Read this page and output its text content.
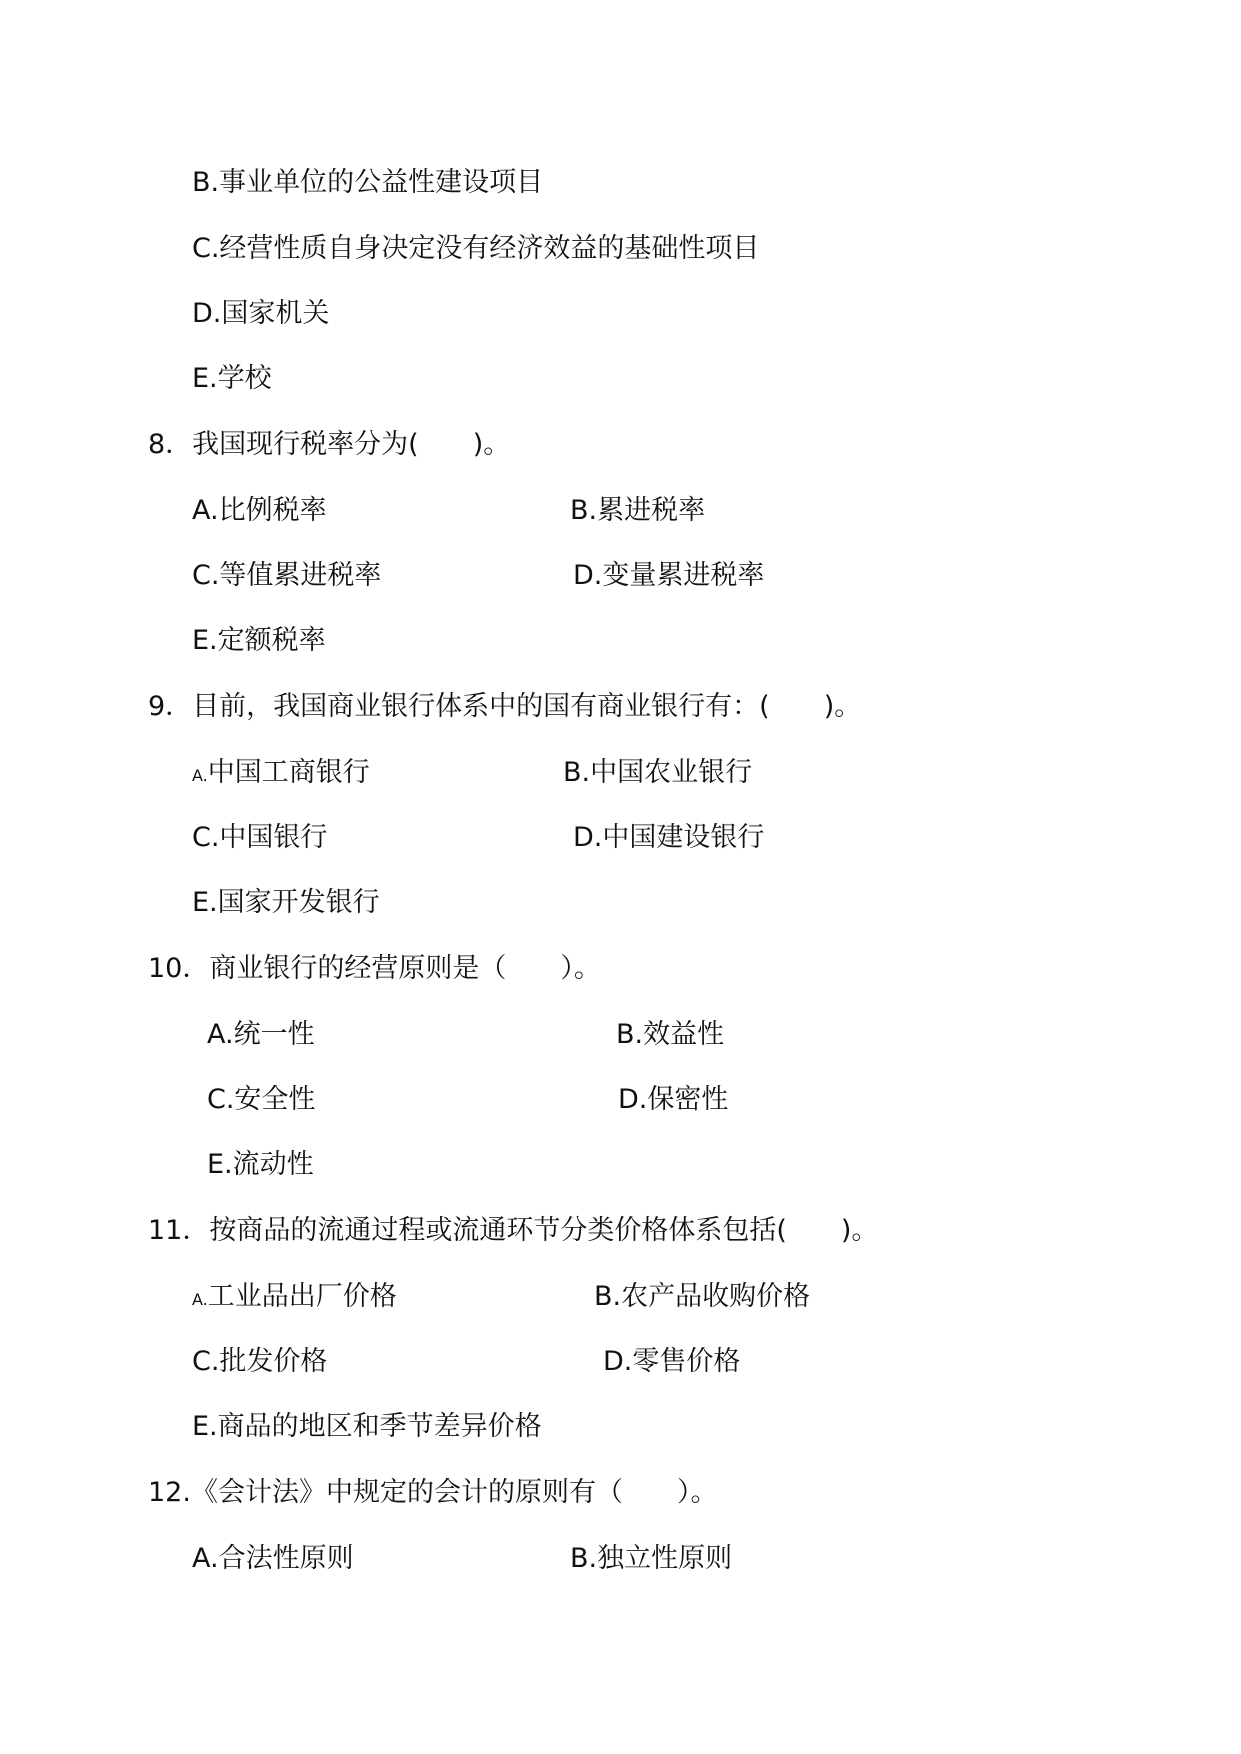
B.事业单位的公益性建设项目
C.经营性质自身决定没有经济效益的基础性项目
D.国家机关
E.学校
8．我国现行税率分为(　　)。
A.比例税率	B.累进税率
C.等值累进税率	D.变量累进税率
E.定额税率
9．目前，我国商业银行体系中的国有商业银行有：(　　)。
A.中国工商银行	B.中国农业银行
C.中国银行	D.中国建设银行
E.国家开发银行
10．商业银行的经营原则是（　　）。
A.统一性	B.效益性
C.安全性	D.保密性
E.流动性
11．按商品的流通过程或流通环节分类价格体系包括(　　)。
A.工业品出厂价格	B.农产品收购价格
C.批发价格	D.零售价格
E.商品的地区和季节差异价格
12.《会计法》中规定的会计的原则有（　　）。
A.合法性原则	B.独立性原则
